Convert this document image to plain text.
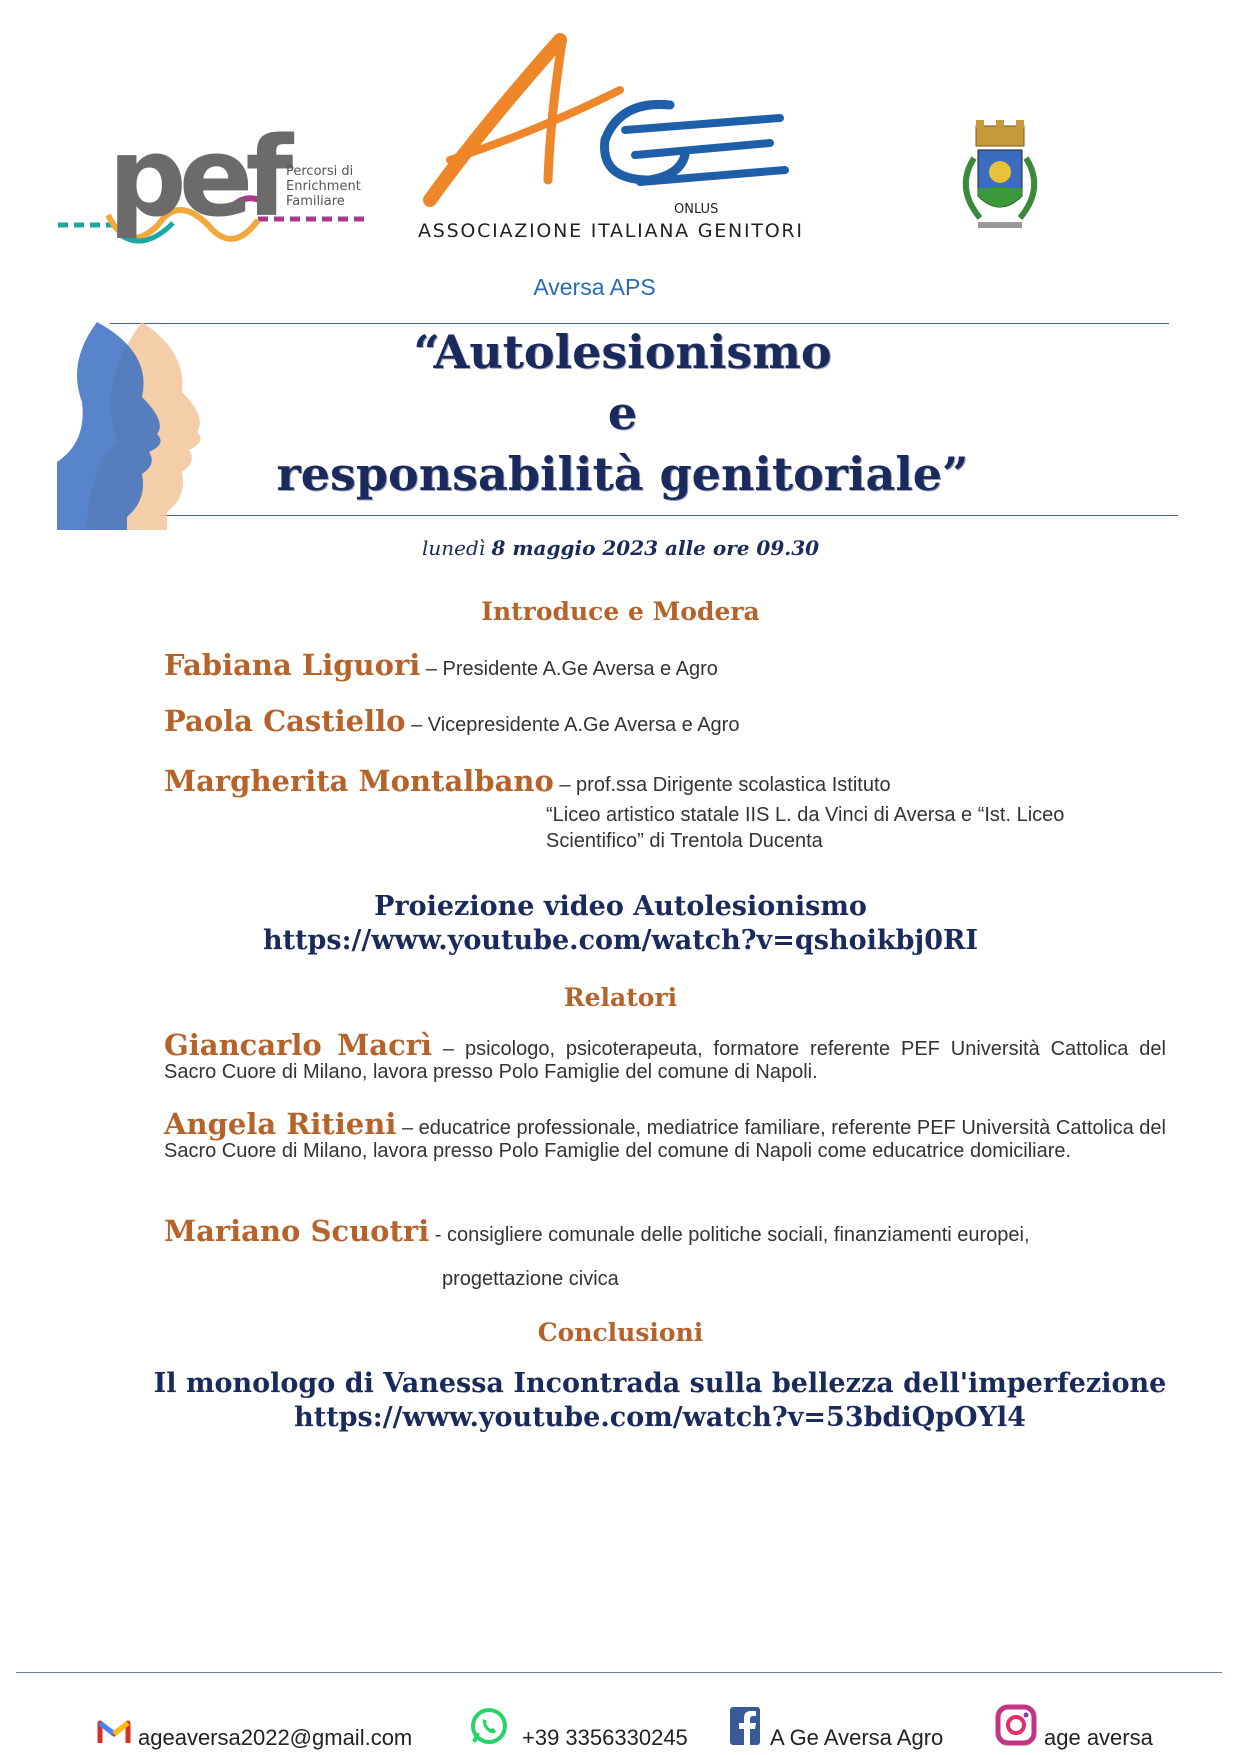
pef Percorsi di
Enrichment
Familiare
ONLUS
ASSOCIAZIONE ITALIANA GENITORI
Aversa APS
“Autolesionismo
e
responsabilità genitoriale”
lunedì 8 maggio 2023 alle ore 09.30
Introduce e Modera
Fabiana Liguori – Presidente A.Ge Aversa e Agro
Paola Castiello – Vicepresidente A.Ge Aversa e Agro
Margherita Montalbano – prof.ssa Dirigente scolastica Istituto
“Liceo artistico statale IIS L. da Vinci di Aversa e “Ist. Liceo
Scientifico” di Trentola Ducenta
Proiezione video Autolesionismo
https://www.youtube.com/watch?v=qshoikbj0RI
Relatori
Giancarlo Macrì – psicologo, psicoterapeuta, formatore referente PEF Università Cattolica del Sacro Cuore di Milano, lavora presso Polo Famiglie del comune di Napoli.
Angela Ritieni – educatrice professionale, mediatrice familiare, referente PEF Università Cattolica del Sacro Cuore di Milano, lavora presso Polo Famiglie del comune di Napoli come educatrice domiciliare.
Mariano Scuotri - consigliere comunale delle politiche sociali, finanziamenti europei,
progettazione civica
Conclusioni
Il monologo di Vanessa Incontrada sulla bellezza dell'imperfezione
https://www.youtube.com/watch?v=53bdiQpOYl4
ageaversa2022@gmail.com	+39 3356330245	A Ge Aversa Agro	age aversa
